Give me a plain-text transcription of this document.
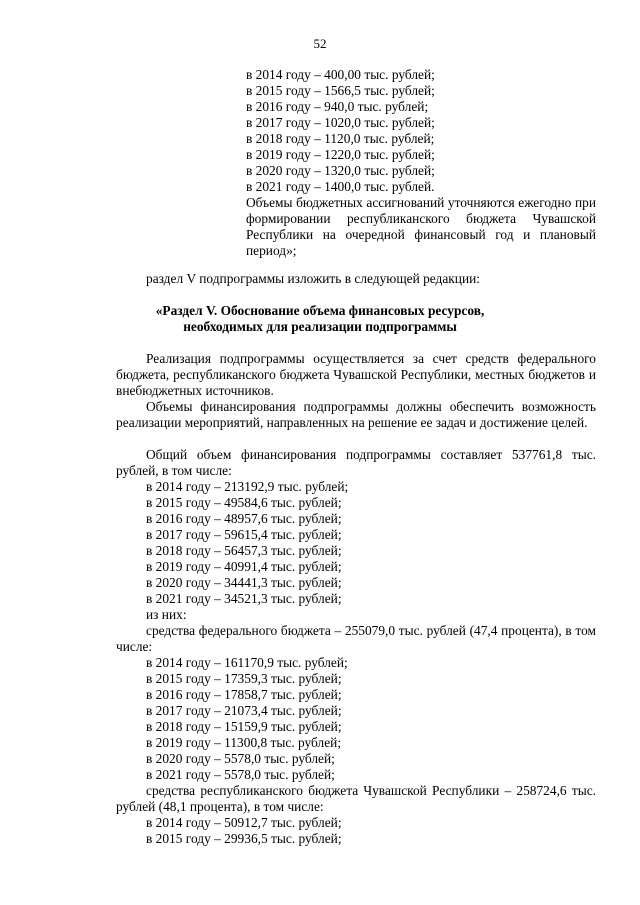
52
в 2014 году – 400,00 тыс. рублей;
в 2015 году – 1566,5 тыс. рублей;
в 2016 году – 940,0 тыс. рублей;
в 2017 году – 1020,0 тыс. рублей;
в 2018 году – 1120,0 тыс. рублей;
в 2019 году – 1220,0 тыс. рублей;
в 2020 году – 1320,0 тыс. рублей;
в 2021 году – 1400,0 тыс. рублей.
Объемы бюджетных ассигнований уточняются ежегодно при формировании республиканского бюджета Чувашской Республики на очередной финансовый год и плановый период»;
раздел V подпрограммы изложить в следующей редакции:
«Раздел V. Обоснование объема финансовых ресурсов,
необходимых для реализации подпрограммы
Реализация подпрограммы осуществляется за счет средств федерального бюджета, республиканского бюджета Чувашской Республики, местных бюджетов и внебюджетных источников.
Объемы финансирования подпрограммы должны обеспечить возможность реализации мероприятий, направленных на решение ее задач и достижение целей.
Общий объем финансирования подпрограммы составляет 537761,8 тыс. рублей, в том числе:
в 2014 году – 213192,9 тыс. рублей;
в 2015 году – 49584,6 тыс. рублей;
в 2016 году – 48957,6 тыс. рублей;
в 2017 году – 59615,4 тыс. рублей;
в 2018 году – 56457,3 тыс. рублей;
в 2019 году – 40991,4 тыс. рублей;
в 2020 году – 34441,3 тыс. рублей;
в 2021 году – 34521,3 тыс. рублей;
из них:
средства федерального бюджета – 255079,0 тыс. рублей (47,4 процента), в том числе:
в 2014 году – 161170,9 тыс. рублей;
в 2015 году – 17359,3 тыс. рублей;
в 2016 году – 17858,7 тыс. рублей;
в 2017 году – 21073,4 тыс. рублей;
в 2018 году – 15159,9 тыс. рублей;
в 2019 году – 11300,8 тыс. рублей;
в 2020 году – 5578,0 тыс. рублей;
в 2021 году – 5578,0 тыс. рублей;
средства республиканского бюджета Чувашской Республики – 258724,6 тыс. рублей (48,1 процента), в том числе:
в 2014 году – 50912,7 тыс. рублей;
в 2015 году – 29936,5 тыс. рублей;
